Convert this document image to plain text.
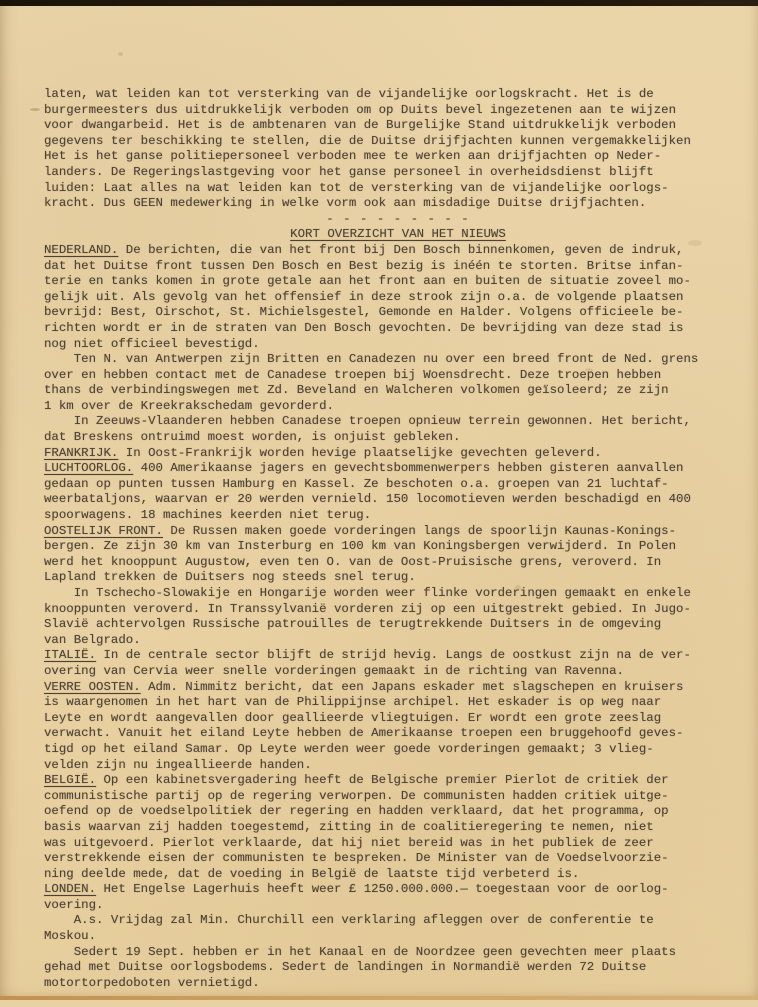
laten, wat leiden kan tot versterking van de vijandelijke oorlogskracht. Het is de
burgermeesters dus uitdrukkelijk verboden om op Duits bevel ingezetenen aan te wijzen
voor dwangarbeid. Het is de ambtenaren van de Burgelijke Stand uitdrukkelijk verboden
gegevens ter beschikking te stellen, die de Duitse drijfjachten kunnen vergemakkelijken
Het is het ganse politiepersoneel verboden mee te werken aan drijfjachten op Neder-
landers. De Regeringslastgeving voor het ganse personeel in overheidsdienst blijft
luiden: Laat alles na wat leiden kan tot de versterking van de vijandelijke oorlogs-
kracht. Dus GEEN medewerking in welke vorm ook aan misdadige Duitse drijfjachten.
- - - - - - - - -
KORT OVERZICHT VAN HET NIEUWS
NEDERLAND. De berichten, die van het front bij Den Bosch binnenkomen, geven de indruk,
dat het Duitse front tussen Den Bosch en Best bezig is inéén te storten. Britse infan-
terie en tanks komen in grote getale aan het front aan en buiten de situatie zoveel mo-
gelijk uit. Als gevolg van het offensief in deze strook zijn o.a. de volgende plaatsen
bevrijd: Best, Oirschot, St. Michielsgestel, Gemonde en Halder. Volgens officieele be-
richten wordt er in de straten van Den Bosch gevochten. De bevrijding van deze stad is
nog niet officieel bevestigd.
Ten N. van Antwerpen zijn Britten en Canadezen nu over een breed front de Ned. grens
over en hebben contact met de Canadese troepen bij Woensdrecht. Deze troepen hebben
thans de verbindingswegen met Zd. Beveland en Walcheren volkomen geïsoleerd; ze zijn
1 km over de Kreekrakschedam gevorderd.
In Zeeuws-Vlaanderen hebben Canadese troepen opnieuw terrein gewonnen. Het bericht,
dat Breskens ontruimd moest worden, is onjuist gebleken.
FRANKRIJK. In Oost-Frankrijk worden hevige plaatselijke gevechten geleverd.
LUCHTOORLOG. 400 Amerikaanse jagers en gevechtsbommenwerpers hebben gisteren aanvallen
gedaan op punten tussen Hamburg en Kassel. Ze beschoten o.a. groepen van 21 luchtaf-
weerbataljons, waarvan er 20 werden vernield. 150 locomotieven werden beschadigd en 400
spoorwagens. 18 machines keerden niet terug.
OOSTELIJK FRONT. De Russen maken goede vorderingen langs de spoorlijn Kaunas-Konings-
bergen. Ze zijn 30 km van Insterburg en 100 km van Koningsbergen verwijderd. In Polen
werd het knooppunt Augustow, even ten O. van de Oost-Pruisische grens, veroverd. In
Lapland trekken de Duitsers nog steeds snel terug.
In Tschecho-Slowakije en Hongarije worden weer flinke vorderingen gemaakt en enkele
knooppunten veroverd. In Transsylvanië vorderen zij op een uitgestrekt gebied. In Jugo-
Slavië achtervolgen Russische patrouilles de terugtrekkende Duitsers in de omgeving
van Belgrado.
ITALIË. In de centrale sector blijft de strijd hevig. Langs de oostkust zijn na de ver-
overing van Cervia weer snelle vorderingen gemaakt in de richting van Ravenna.
VERRE OOSTEN. Adm. Nimmitz bericht, dat een Japans eskader met slagschepen en kruisers
is waargenomen in het hart van de Philippijnse archipel. Het eskader is op weg naar
Leyte en wordt aangevallen door geallieerde vliegtuigen. Er wordt een grote zeeslag
verwacht. Vanuit het eiland Leyte hebben de Amerikaanse troepen een bruggehoofd geves-
tigd op het eiland Samar. Op Leyte werden weer goede vorderingen gemaakt; 3 vlieg-
velden zijn nu ingeallieerde handen.
BELGIË. Op een kabinetsvergadering heeft de Belgische premier Pierlot de critiek der
communistische partij op de regering verworpen. De communisten hadden critiek uitge-
oefend op de voedselpolitiek der regering en hadden verklaard, dat het programma, op
basis waarvan zij hadden toegestemd, zitting in de coalitieregering te nemen, niet
was uitgevoerd. Pierlot verklaarde, dat hij niet bereid was in het publiek de zeer
verstrekkende eisen der communisten te bespreken. De Minister van de Voedselvoorzie-
ning deelde mede, dat de voeding in België de laatste tijd verbeterd is.
LONDEN. Het Engelse Lagerhuis heeft weer £ 1250.000.000.— toegestaan voor de oorlog-
voering.
A.s. Vrijdag zal Min. Churchill een verklaring afleggen over de conferentie te
Moskou.
Sedert 19 Sept. hebben er in het Kanaal en de Noordzee geen gevechten meer plaats
gehad met Duitse oorlogsbodems. Sedert de landingen in Normandië werden 72 Duitse
motortorpedoboten vernietigd.
